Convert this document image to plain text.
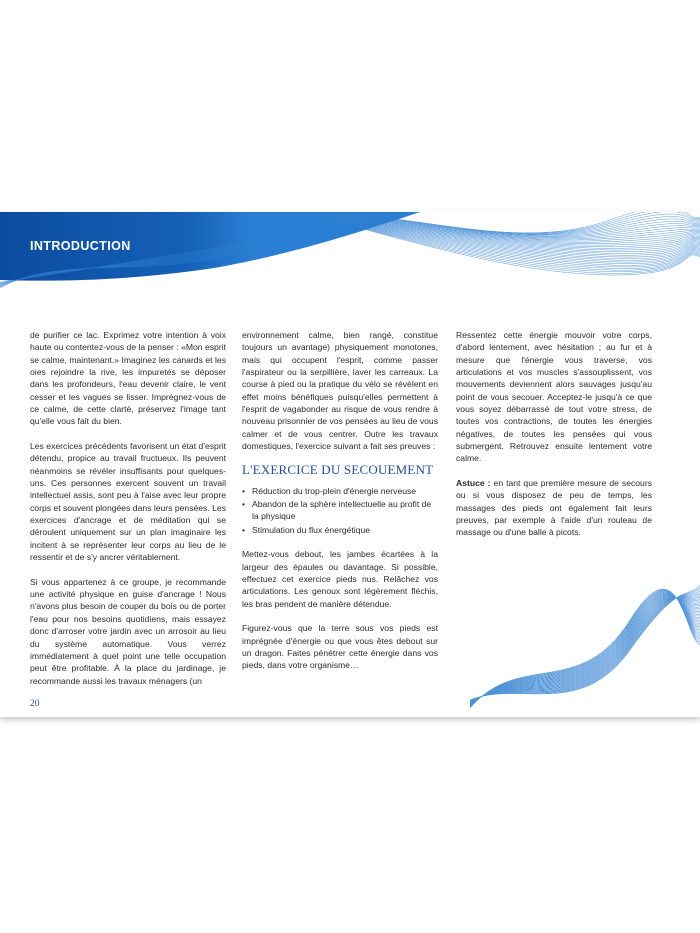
INTRODUCTION

de purifier ce lac. Exprimez votre intention à voix haute ou contentez-vous de la penser : «Mon esprit se calme, maintenant.» Imaginez les canards et les oies rejoindre la rive, les impuretés se déposer dans les profondeurs, l'eau devenir claire, le vent cesser et les vagues se lisser. Imprégnez-vous de ce calme, de cette clarté, préservez l'image tant qu'elle vous fait du bien.

Les exercices précédents favorisent un état d'esprit détendu, propice au travail fructueux. Ils peuvent néanmoins se révéler insuffisants pour quelques-uns. Ces personnes exercent souvent un travail intellectuel assis, sont peu à l'aise avec leur propre corps et souvent plongées dans leurs pensées. Les exercices d'ancrage et de méditation qui se déroulent uniquement sur un plan imaginaire les incitent à se représenter leur corps au lieu de le ressentir et de s'y ancrer véritablement.

Si vous appartenez à ce groupe, je recommande une activité physique en guise d'ancrage ! Nous n'avons plus besoin de couper du bois ou de porter l'eau pour nos besoins quotidiens, mais essayez donc d'arroser votre jardin avec un arrosoir au lieu du système automatique. Vous verrez immédiatement à quel point une telle occupation peut être profitable. À la place du jardinage, je recommande aussi les travaux ménagers (un

environnement calme, bien rangé, constitue toujours un avantage) physiquement monotones, mais qui occupent l'esprit, comme passer l'aspirateur ou la serpillière, laver les carreaux. La course à pied ou la pratique du vélo se révèlent en effet moins bénéfiques puisqu'elles permettent à l'esprit de vagabonder au risque de vous rendre à nouveau prisonnier de vos pensées au lieu de vous calmer et de vous centrer. Outre les travaux domestiques, l'exercice suivant a fait ses preuves :

L'EXERCICE DU SECOUEMENT
• Réduction du trop-plein d'énergie nerveuse
• Abandon de la sphère intellectuelle au profit de la physique
• Stimulation du flux énergétique

Mettez-vous debout, les jambes écartées à la largeur des épaules ou davantage. Si possible, effectuez cet exercice pieds nus. Relâchez vos articulations. Les genoux sont légèrement fléchis, les bras pendent de manière détendue.

Figurez-vous que la terre sous vos pieds est imprégnée d'énergie ou que vous êtes debout sur un dragon. Faites pénétrer cette énergie dans vos pieds, dans votre organisme…

Ressentez cette énergie mouvoir votre corps, d'abord lentement, avec hésitation ; au fur et à mesure que l'énergie vous traverse, vos articulations et vos muscles s'assouplissent, vos mouvements deviennent alors sauvages jusqu'au point de vous secouer. Acceptez-le jusqu'à ce que vous soyez débarrassé de tout votre stress, de toutes vos contractions, de toutes les énergies négatives, de toutes les pensées qui vous submergent. Retrouvez ensuite lentement votre calme.

Astuce : en tant que première mesure de secours ou si vous disposez de peu de temps, les massages des pieds ont également fait leurs preuves, par exemple à l'aide d'un rouleau de massage ou d'une balle à picots.

20
